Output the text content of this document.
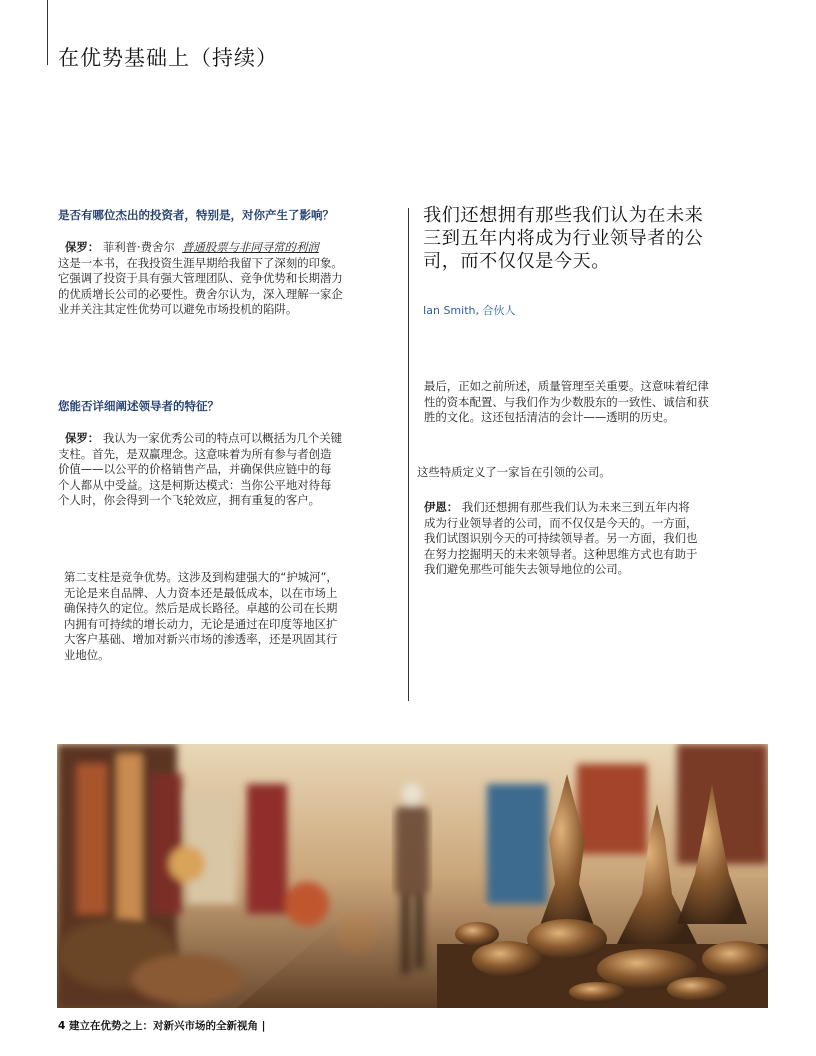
在优势基础上（持续）

是否有哪位杰出的投资者，特别是，对你产生了影响？

保罗： 菲利普·费舍尔 普通股票与非同寻常的利润

这是一本书，在我投资生涯早期给我留下了深刻的印象。

它强调了投资于具有强大管理团队、竞争优势和长期潜力

的优质增长公司的必要性。费舍尔认为，深入理解一家企

业并关注其定性优势可以避免市场投机的陷阱。

您能否详细阐述领导者的特征？

保罗： 我认为一家优秀公司的特点可以概括为几个关键

支柱。首先，是双赢理念。这意味着为所有参与者创造

价值——以公平的价格销售产品，并确保供应链中的每

个人都从中受益。这是柯斯达模式：当你公平地对待每

个人时，你会得到一个飞轮效应，拥有重复的客户。

第二支柱是竞争优势。这涉及到构建强大的“护城河”，

无论是来自品牌、人力资本还是最低成本，以在市场上

确保持久的定位。然后是成长路径。卓越的公司在长期

内拥有可持续的增长动力，无论是通过在印度等地区扩

大客户基础、增加对新兴市场的渗透率，还是巩固其行

业地位。

我们还想拥有那些我们认为在未来
三到五年内将成为行业领导者的公
司，而不仅仅是今天。

Ian Smith, 合伙人

最后，正如之前所述，质量管理至关重要。这意味着纪律

性的资本配置、与我们作为少数股东的一致性、诚信和获

胜的文化。这还包括清洁的会计——透明的历史。

这些特质定义了一家旨在引领的公司。

伊恩： 我们还想拥有那些我们认为未来三到五年内将

成为行业领导者的公司，而不仅仅是今天的。一方面，

我们试图识别今天的可持续领导者。另一方面，我们也

在努力挖掘明天的未来领导者。这种思维方式也有助于

我们避免那些可能失去领导地位的公司。

4 建立在优势之上：对新兴市场的全新视角 |
